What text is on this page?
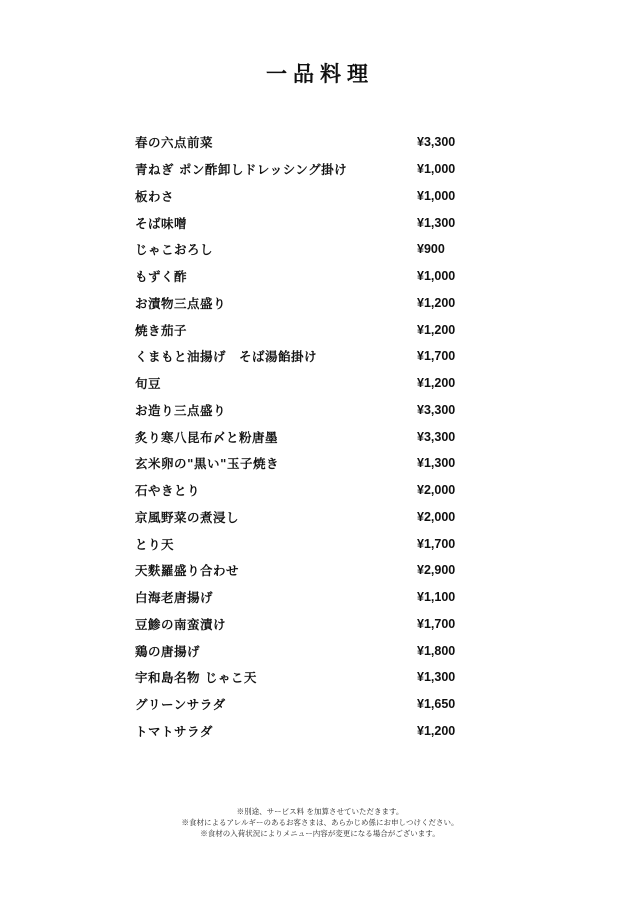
一品料理
春の六点前菜	¥3,300
青ねぎ ポン酢卸しドレッシング掛け	¥1,000
板わさ	¥1,000
そば味噌	¥1,300
じゃこおろし	¥900
もずく酢	¥1,000
お漬物三点盛り	¥1,200
焼き茄子	¥1,200
くまもと油揚げ　そば湯餡掛け	¥1,700
旬豆	¥1,200
お造り三点盛り	¥3,300
炙り寒八昆布〆と粉唐墨	¥3,300
玄米卵の"黒い"玉子焼き	¥1,300
石やきとり	¥2,000
京風野菜の煮浸し	¥2,000
とり天	¥1,700
天麩羅盛り合わせ	¥2,900
白海老唐揚げ	¥1,100
豆鯵の南蛮漬け	¥1,700
鶏の唐揚げ	¥1,800
宇和島名物 じゃこ天	¥1,300
グリーンサラダ	¥1,650
トマトサラダ	¥1,200
※別途、サービス料 を加算させていただきます。
※食材によるアレルギーのあるお客さまは、あらかじめ係にお申しつけください。
※食材の入荷状況によりメニュー内容が変更になる場合がございます。
